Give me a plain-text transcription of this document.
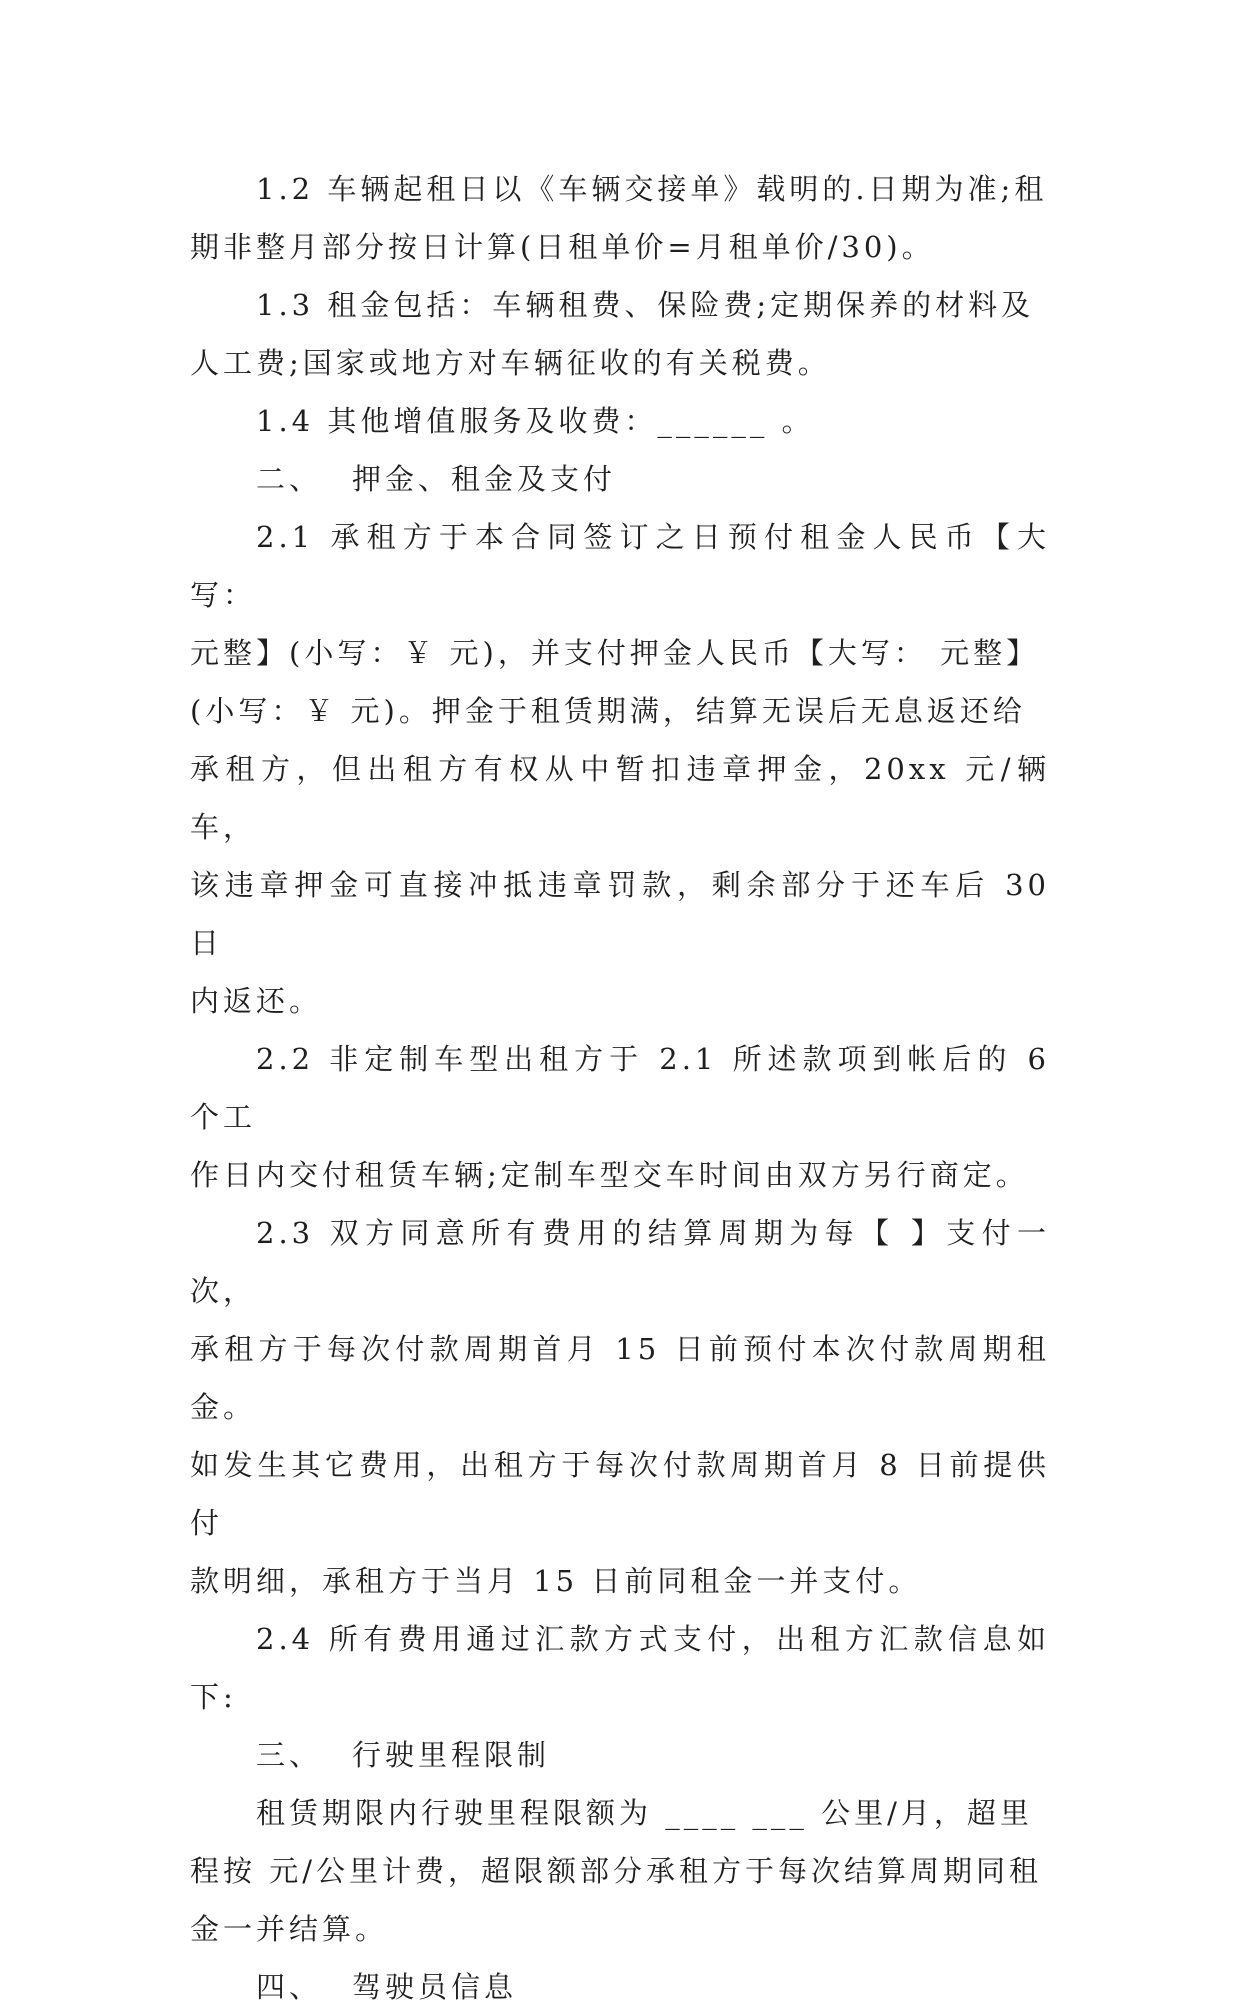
1.2 车辆起租日以《车辆交接单》载明的.日期为准;租
期非整月部分按日计算(日租单价=月租单价/30)。
1.3 租金包括：车辆租费、保险费;定期保养的材料及
人工费;国家或地方对车辆征收的有关税费。
1.4 其他增值服务及收费：______ 。
二、 押金、租金及支付
2.1 承租方于本合同签订之日预付租金人民币【大写：
元整】(小写：￥ 元)，并支付押金人民币【大写： 元整】
(小写：￥ 元)。押金于租赁期满，结算无误后无息返还给
承租方，但出租方有权从中暂扣违章押金，20xx 元/辆车，
该违章押金可直接冲抵违章罚款，剩余部分于还车后 30 日
内返还。
2.2 非定制车型出租方于 2.1 所述款项到帐后的 6 个工
作日内交付租赁车辆;定制车型交车时间由双方另行商定。
2.3 双方同意所有费用的结算周期为每【 】支付一次，
承租方于每次付款周期首月 15 日前预付本次付款周期租金。
如发生其它费用，出租方于每次付款周期首月 8 日前提供付
款明细，承租方于当月 15 日前同租金一并支付。
2.4 所有费用通过汇款方式支付，出租方汇款信息如下:
三、 行驶里程限制
租赁期限内行驶里程限额为 ____ ___ 公里/月，超里
程按 元/公里计费，超限额部分承租方于每次结算周期同租
金一并结算。
四、 驾驶员信息
